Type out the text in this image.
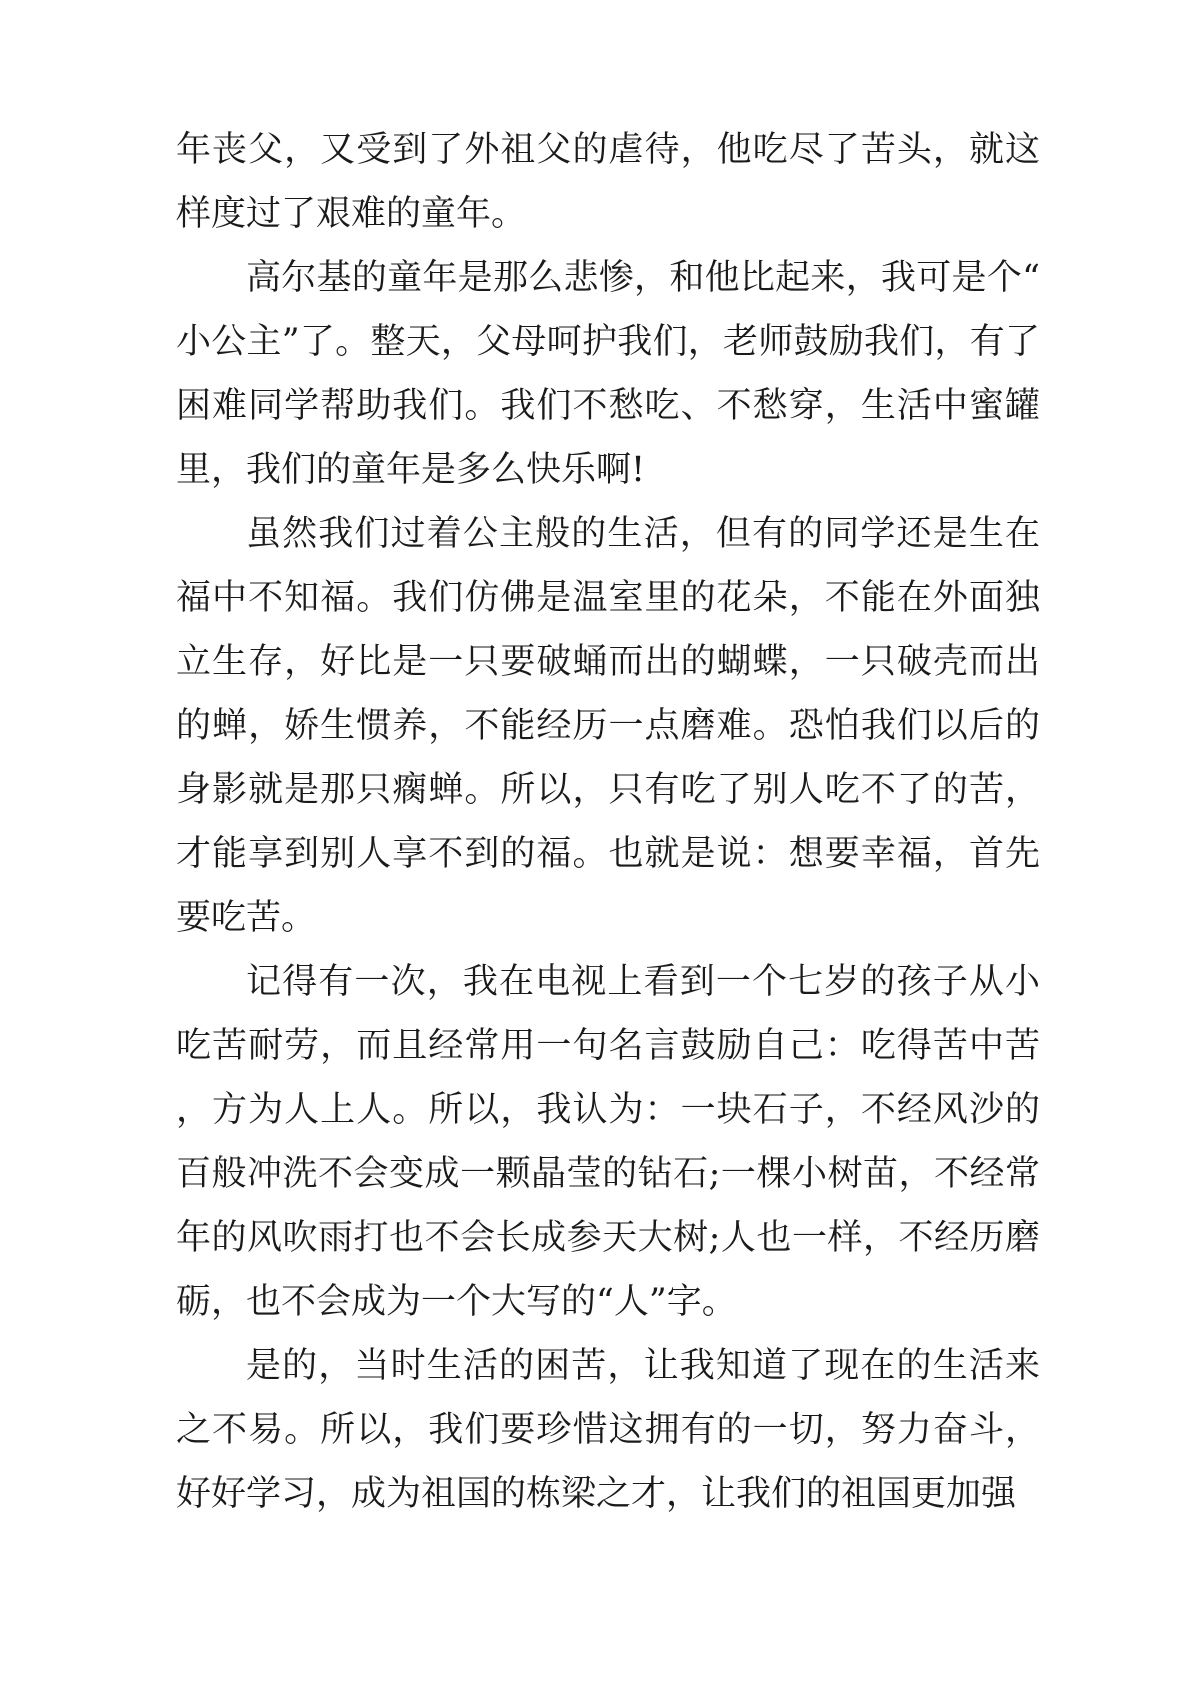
年丧父，又受到了外祖父的虐待，他吃尽了苦头，就这样度过了艰难的童年。

高尔基的童年是那么悲惨，和他比起来，我可是个“小公主”了。整天，父母呵护我们，老师鼓励我们，有了困难同学帮助我们。我们不愁吃、不愁穿，生活中蜜罐里，我们的童年是多么快乐啊!

虽然我们过着公主般的生活，但有的同学还是生在福中不知福。我们仿佛是温室里的花朵，不能在外面独立生存，好比是一只要破蛹而出的蝴蝶，一只破壳而出的蝉，娇生惯养，不能经历一点磨难。恐怕我们以后的身影就是那只瘸蝉。所以，只有吃了别人吃不了的苦，才能享到别人享不到的福。也就是说：想要幸福，首先要吃苦。

记得有一次，我在电视上看到一个七岁的孩子从小吃苦耐劳，而且经常用一句名言鼓励自己：吃得苦中苦，方为人上人。所以，我认为：一块石子，不经风沙的百般冲洗不会变成一颗晶莹的钻石;一棵小树苗，不经常年的风吹雨打也不会长成参天大树;人也一样，不经历磨砺，也不会成为一个大写的“人”字。

是的，当时生活的困苦，让我知道了现在的生活来之不易。所以，我们要珍惜这拥有的一切，努力奋斗，好好学习，成为祖国的栋梁之才，让我们的祖国更加强
